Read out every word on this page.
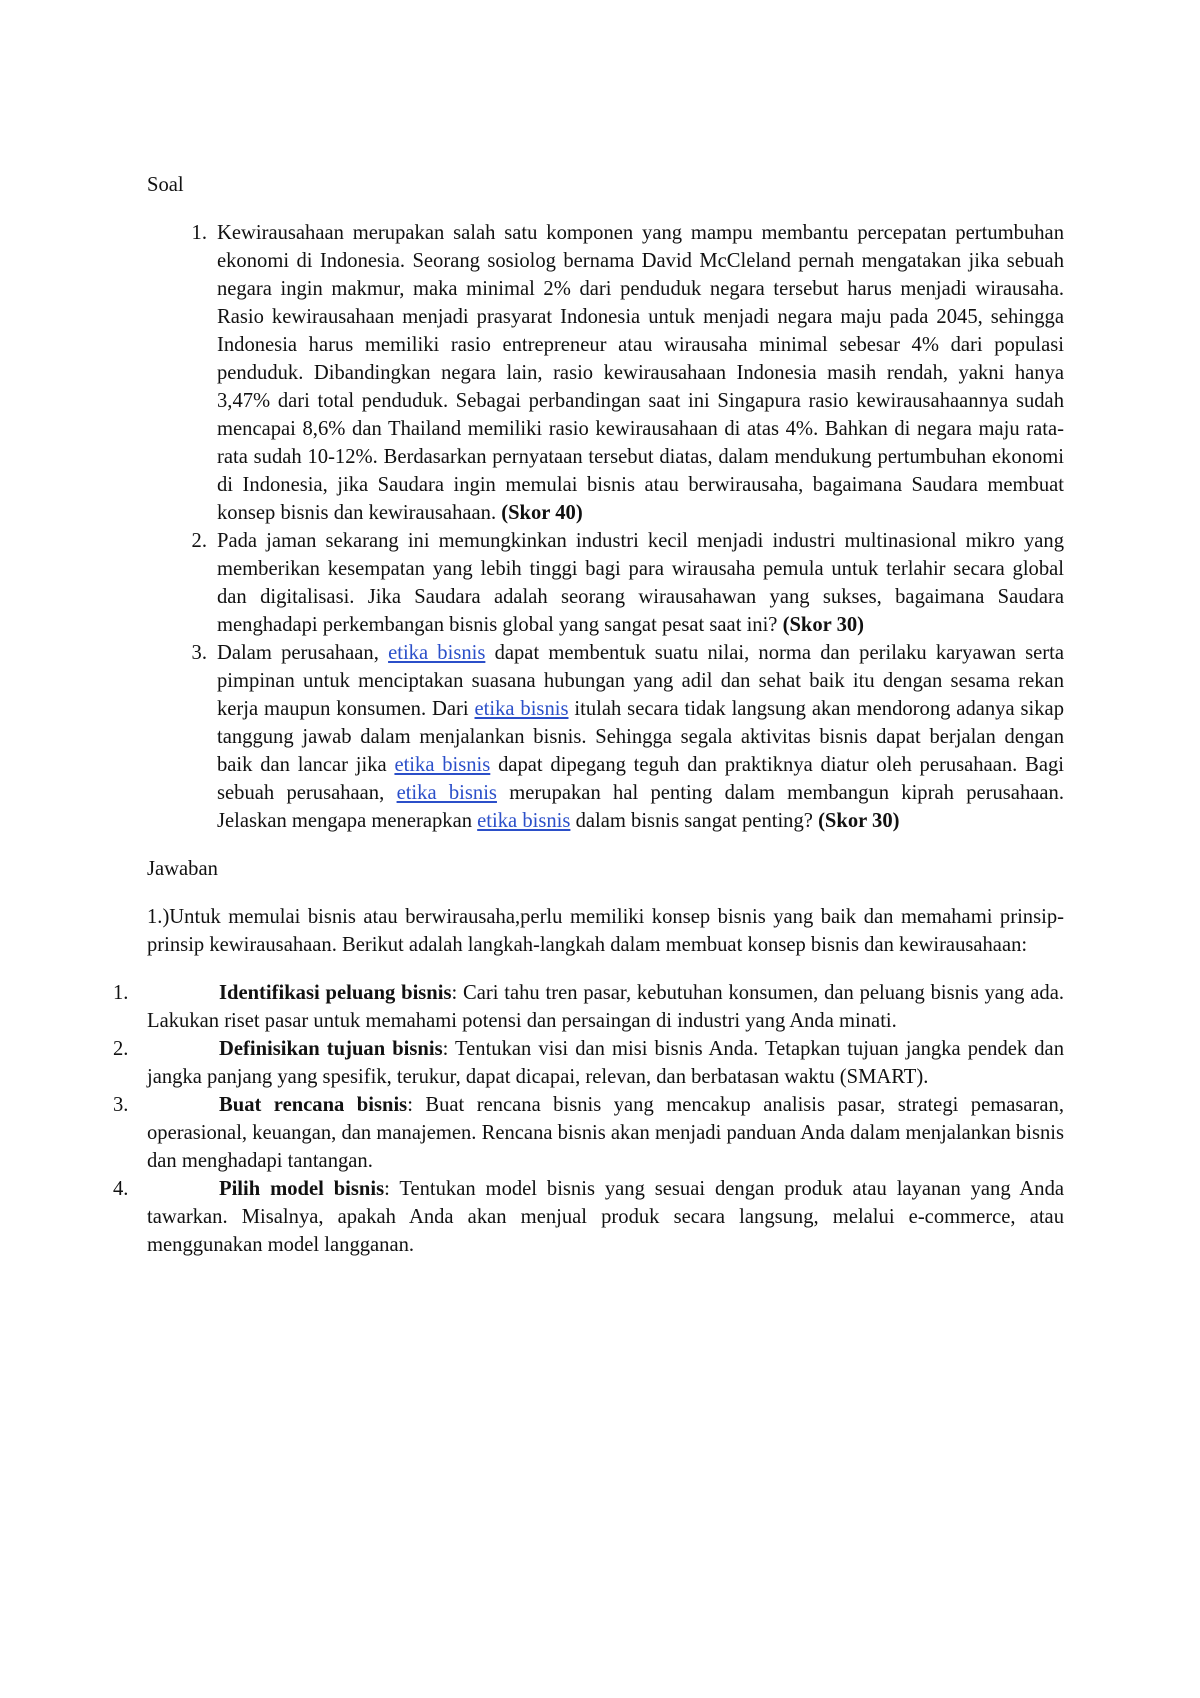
Soal

1. Kewirausahaan merupakan salah satu komponen yang mampu membantu percepatan pertumbuhan ekonomi di Indonesia. Seorang sosiolog bernama David McCleland pernah mengatakan jika sebuah negara ingin makmur, maka minimal 2% dari penduduk negara tersebut harus menjadi wirausaha. Rasio kewirausahaan menjadi prasyarat Indonesia untuk menjadi negara maju pada 2045, sehingga Indonesia harus memiliki rasio entrepreneur atau wirausaha minimal sebesar 4% dari populasi penduduk. Dibandingkan negara lain, rasio kewirausahaan Indonesia masih rendah, yakni hanya 3,47% dari total penduduk. Sebagai perbandingan saat ini Singapura rasio kewirausahaannya sudah mencapai 8,6% dan Thailand memiliki rasio kewirausahaan di atas 4%. Bahkan di negara maju rata-rata sudah 10-12%. Berdasarkan pernyataan tersebut diatas, dalam mendukung pertumbuhan ekonomi di Indonesia, jika Saudara ingin memulai bisnis atau berwirausaha, bagaimana Saudara membuat konsep bisnis dan kewirausahaan. (Skor 40)
2. Pada jaman sekarang ini memungkinkan industri kecil menjadi industri multinasional mikro yang memberikan kesempatan yang lebih tinggi bagi para wirausaha pemula untuk terlahir secara global dan digitalisasi. Jika Saudara adalah seorang wirausahawan yang sukses, bagaimana Saudara menghadapi perkembangan bisnis global yang sangat pesat saat ini? (Skor 30)
3. Dalam perusahaan, etika bisnis dapat membentuk suatu nilai, norma dan perilaku karyawan serta pimpinan untuk menciptakan suasana hubungan yang adil dan sehat baik itu dengan sesama rekan kerja maupun konsumen. Dari etika bisnis itulah secara tidak langsung akan mendorong adanya sikap tanggung jawab dalam menjalankan bisnis. Sehingga segala aktivitas bisnis dapat berjalan dengan baik dan lancar jika etika bisnis dapat dipegang teguh dan praktiknya diatur oleh perusahaan. Bagi sebuah perusahaan, etika bisnis merupakan hal penting dalam membangun kiprah perusahaan. Jelaskan mengapa menerapkan etika bisnis dalam bisnis sangat penting? (Skor 30)

Jawaban

1.)Untuk memulai bisnis atau berwirausaha,perlu memiliki konsep bisnis yang baik dan memahami prinsip-prinsip kewirausahaan. Berikut adalah langkah-langkah dalam membuat konsep bisnis dan kewirausahaan:

1.	Identifikasi peluang bisnis: Cari tahu tren pasar, kebutuhan konsumen, dan peluang bisnis yang ada. Lakukan riset pasar untuk memahami potensi dan persaingan di industri yang Anda minati.
2.	Definisikan tujuan bisnis: Tentukan visi dan misi bisnis Anda. Tetapkan tujuan jangka pendek dan jangka panjang yang spesifik, terukur, dapat dicapai, relevan, dan berbatasan waktu (SMART).
3.	Buat rencana bisnis: Buat rencana bisnis yang mencakup analisis pasar, strategi pemasaran, operasional, keuangan, dan manajemen. Rencana bisnis akan menjadi panduan Anda dalam menjalankan bisnis dan menghadapi tantangan.
4.	Pilih model bisnis: Tentukan model bisnis yang sesuai dengan produk atau layanan yang Anda tawarkan. Misalnya, apakah Anda akan menjual produk secara langsung, melalui e-commerce, atau menggunakan model langganan.
